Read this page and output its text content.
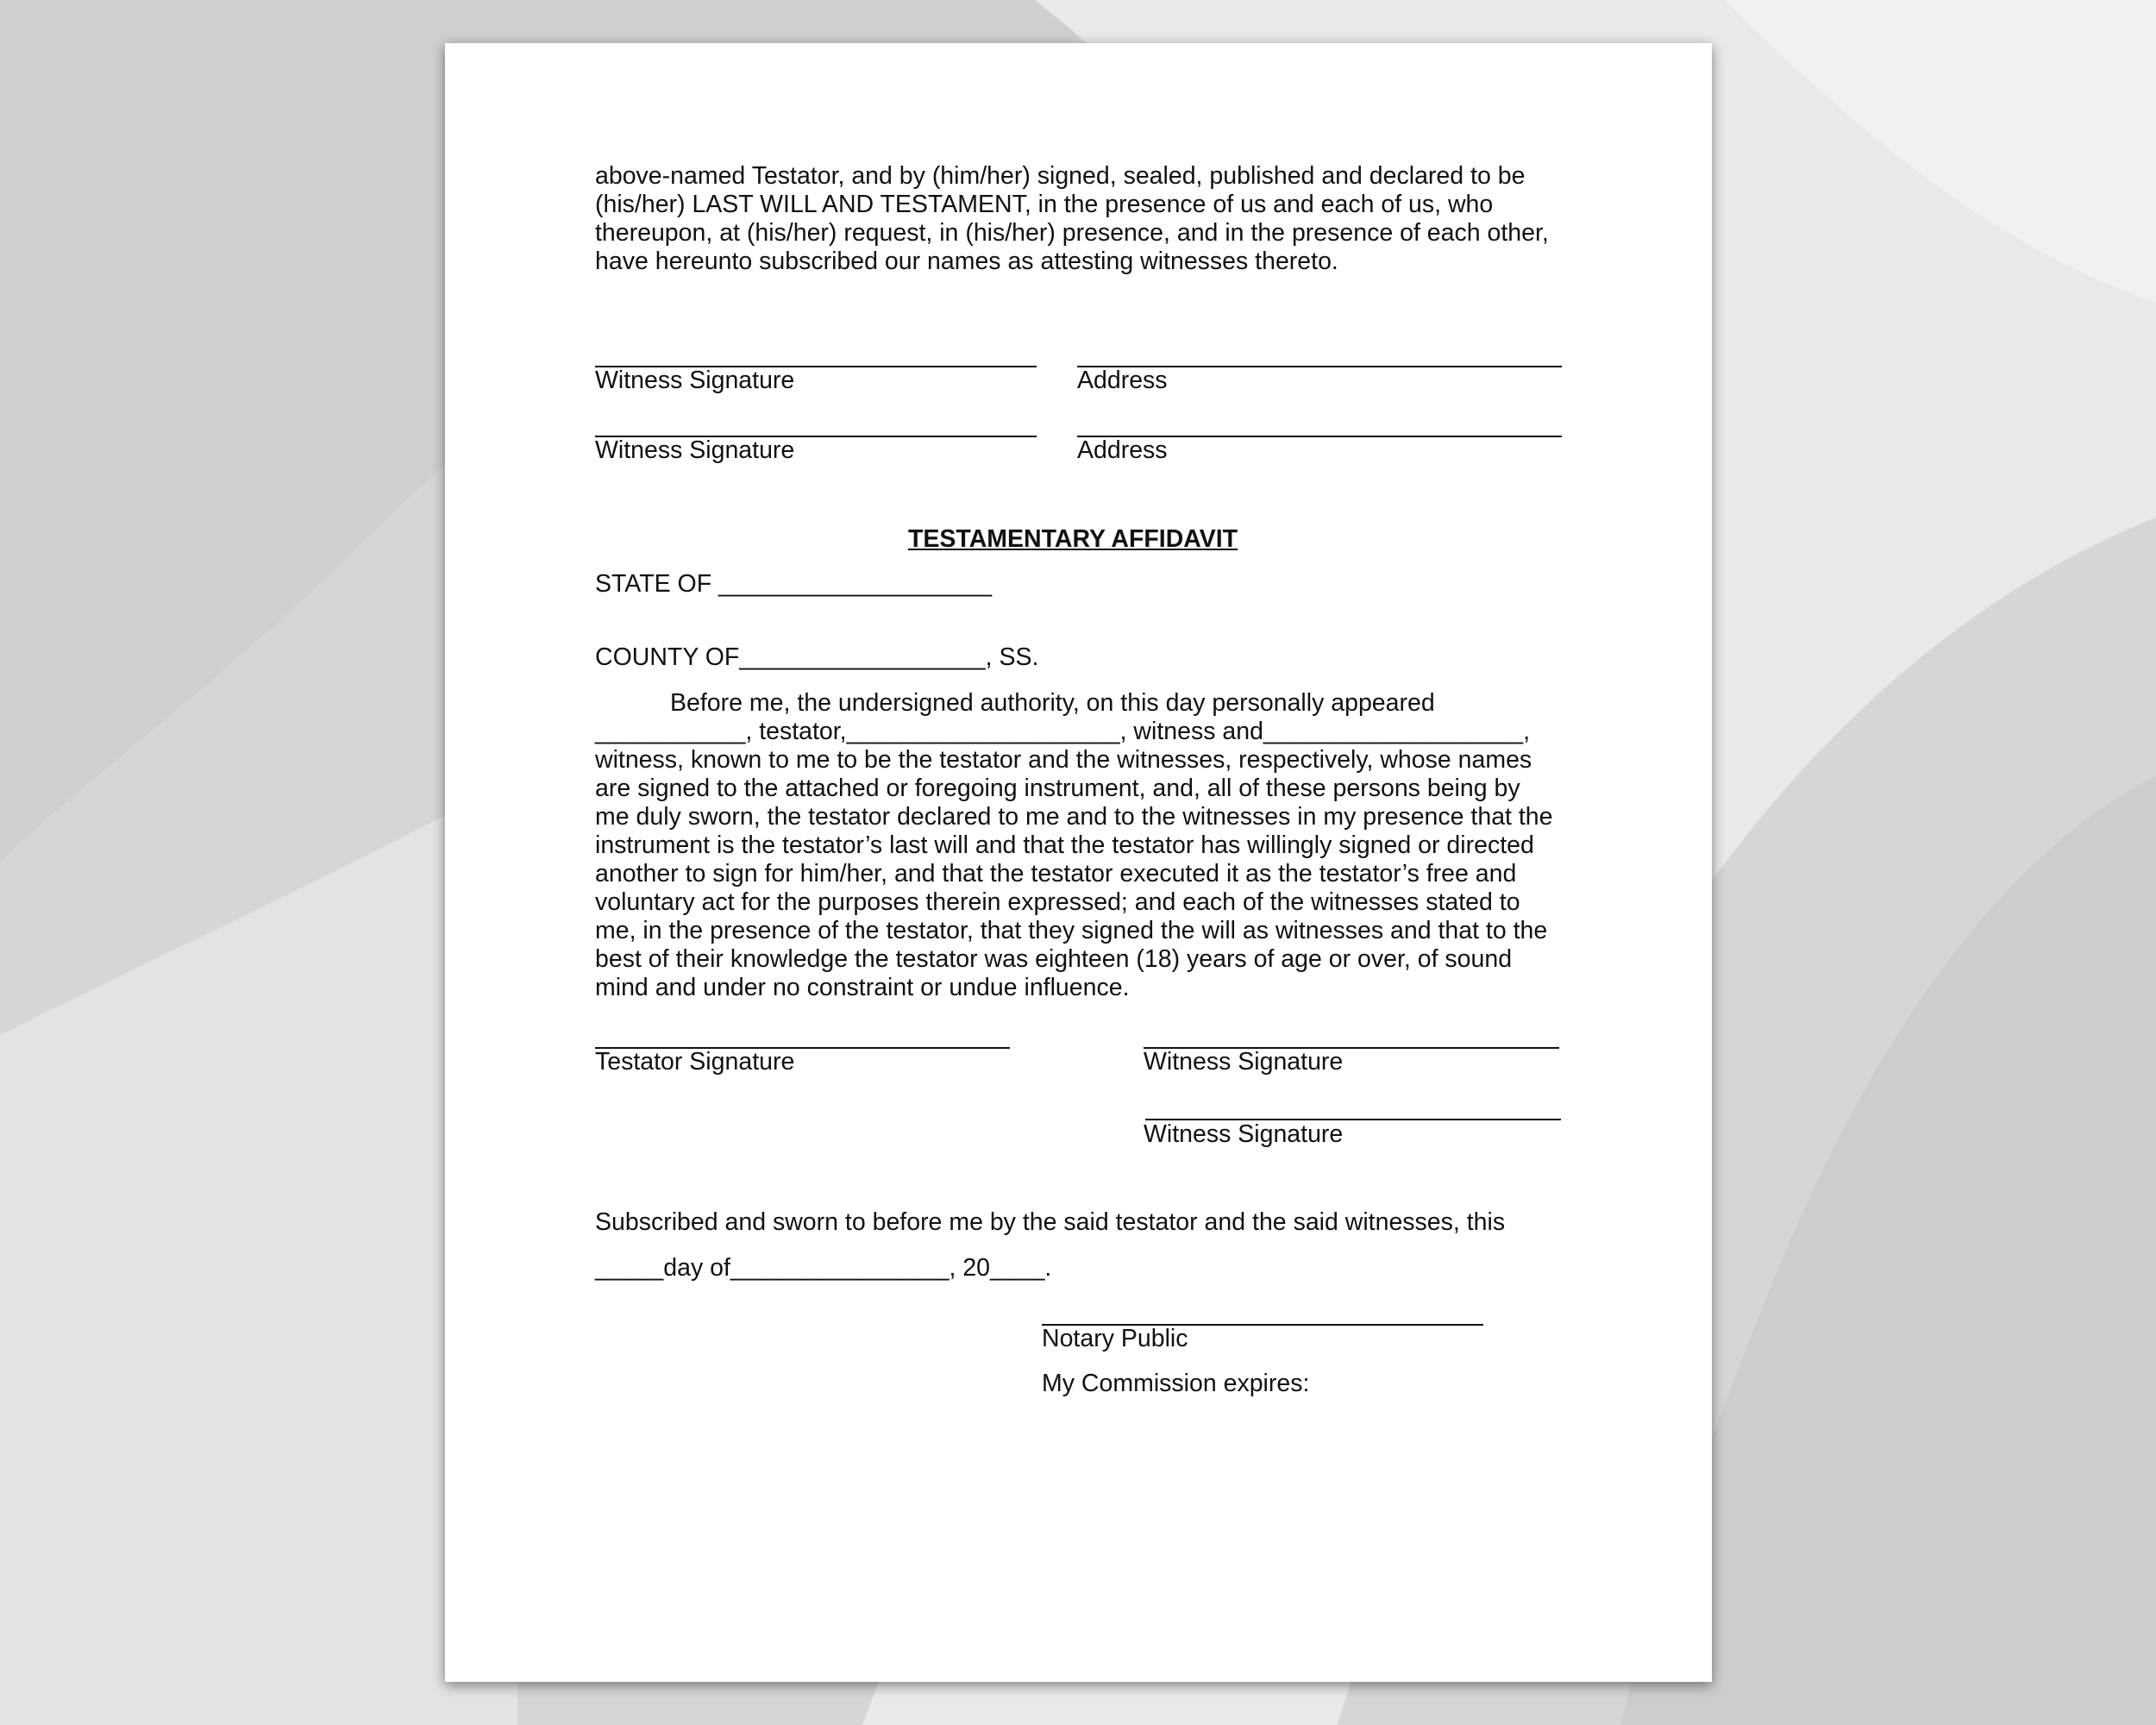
above-named Testator, and by (him/her) signed, sealed, published and declared to be
(his/her) LAST WILL AND TESTAMENT, in the presence of us and each of us, who
thereupon, at (his/her) request, in (his/her) presence, and in the presence of each other,
have hereunto subscribed our names as attesting witnesses thereto.
Witness Signature	Address
Witness Signature	Address
TESTAMENTARY AFFIDAVIT
STATE OF ____________________
COUNTY OF__________________, SS.
Before me, the undersigned authority, on this day personally appeared
___________, testator,____________________, witness and___________________,
witness, known to me to be the testator and the witnesses, respectively, whose names
are signed to the attached or foregoing instrument, and, all of these persons being by
me duly sworn, the testator declared to me and to the witnesses in my presence that the
instrument is the testator’s last will and that the testator has willingly signed or directed
another to sign for him/her, and that the testator executed it as the testator’s free and
voluntary act for the purposes therein expressed; and each of the witnesses stated to
me, in the presence of the testator, that they signed the will as witnesses and that to the
best of their knowledge the testator was eighteen (18) years of age or over, of sound
mind and under no constraint or undue influence.
Testator Signature	Witness Signature
Witness Signature
Subscribed and sworn to before me by the said testator and the said witnesses, this
_____day of________________, 20____.
Notary Public
My Commission expires:
